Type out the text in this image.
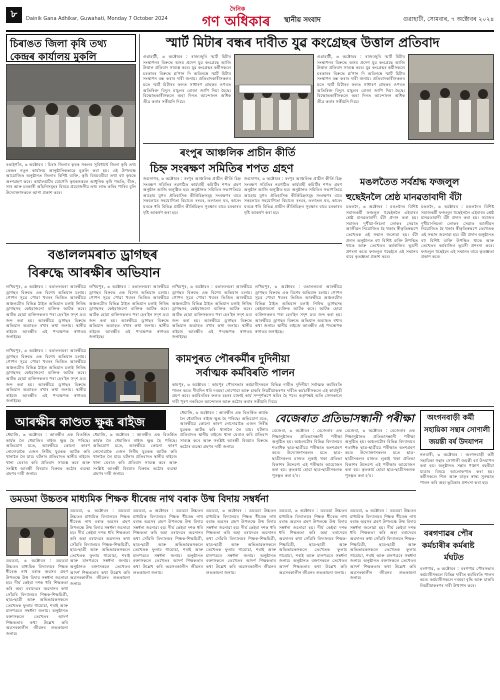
৮	Dainik Gana Adhikar, Guwahati, Monday 7 October 2024
দৈনিক
গণ অধিকাৰ স্থানীয় সংবাদ	গুৱাহাটী, সোমবাৰ, ৭ অক্টোবৰ ২০২৪
চিৰাঙত জিলা কৃষি তথ্য
কেন্দ্ৰৰ কাৰ্যালয় মুকলি
বঙাইগাঁও, ৬ অক্টোবৰ : চিৰাং জিলাৰ কৃষক সকলৰ সুবিধাৰ্থে জিলা কৃষি তথ্য কেন্দ্ৰৰ নতুন কাৰ্যালয় আনুষ্ঠানিকভাৱে মুকলি কৰা হয়। এই উপলক্ষে আয়োজিত অনুষ্ঠানত জিলাৰ বিশিষ্ট ব্যক্তি, কৃষি বিষয়ববীয়া তথা বহু কৃষকে অংশগ্ৰহণ কৰে। কাৰ্যালয়টিৰ যোগেদি কৃষকসকলে আধুনিক কৃষি পদ্ধতি, বীজ, সাৰ আৰু চৰকাৰী আঁচনিসমূহৰ বিষয়ে প্ৰয়োজনীয় তথ্য লাভ কৰিব পাৰিব বুলি উদ্যোক্তাসকলে আশা প্ৰকাশ কৰে।
স্মাৰ্ট মিটাৰ বন্ধৰ দাবীত যুৱ কংগ্ৰেছৰ উত্তাল প্ৰতিবাদ
গুৱাহাটী, ৬ অক্টোবৰ : ৰাজ্যজুৰি স্মাৰ্ট মিটাৰ সংস্থাপনৰ বিৰুদ্ধে অসম প্ৰদেশ যুৱ কংগ্ৰেছে আজি উত্তাল প্ৰতিবাদ সাব্যস্ত কৰে। যুৱ কংগ্ৰেছৰ কৰ্মীসকলে চৰকাৰৰ বিৰুদ্ধে শ্ল'গান দি অবিলম্বে স্মাৰ্ট মিটাৰ সংস্থাপন বন্ধ কৰাৰ দাবী জনায়। প্ৰতিবাদকাৰীসকলৰ মতে স্মাৰ্ট মিটাৰৰ ফলত সাধাৰণ গ্ৰাহকৰ ওপৰত অতিৰিক্ত বিদ্যুৎ মাচুলৰ বোজা জাপি দিয়া হৈছে। বিক্ষোভকাৰীসকলে অহা দিনত আন্দোলন অধিক তীব্ৰ কৰাৰ সকীয়নি দিয়ে।
গুৱাহাটী, ৬ অক্টোবৰ : ৰাজ্যজুৰি স্মাৰ্ট মিটাৰ সংস্থাপনৰ বিৰুদ্ধে অসম প্ৰদেশ যুৱ কংগ্ৰেছে আজি উত্তাল প্ৰতিবাদ সাব্যস্ত কৰে। যুৱ কংগ্ৰেছৰ কৰ্মীসকলে চৰকাৰৰ বিৰুদ্ধে শ্ল'গান দি অবিলম্বে স্মাৰ্ট মিটাৰ সংস্থাপন বন্ধ কৰাৰ দাবী জনায়। প্ৰতিবাদকাৰীসকলৰ মতে স্মাৰ্ট মিটাৰৰ ফলত সাধাৰণ গ্ৰাহকৰ ওপৰত অতিৰিক্ত বিদ্যুৎ মাচুলৰ বোজা জাপি দিয়া হৈছে। বিক্ষোভকাৰীসকলে অহা দিনত আন্দোলন অধিক তীব্ৰ কৰাৰ সকীয়নি দিয়ে।
ৰংপুৰ আঞ্চলিক প্ৰাচীন কীৰ্তি
চিহ্ন সংৰক্ষণ সমিতিৰ শপত গ্ৰহণ
জয়সাগৰ, ৬ অক্টোবৰ : ৰংপুৰ আঞ্চলিক প্ৰাচীন কীৰ্তি চিহ্ন সংৰক্ষণ সমিতিৰ নৱগঠিত কাৰ্যবাহী কমিটিৰ শপত গ্ৰহণ অনুষ্ঠান আজি অনুষ্ঠিত হয়। অনুষ্ঠানত সমিতিৰ সভাপতিয়ে আহোম যুগৰ ঐতিহাসিক কীৰ্তিচিহ্নসমূহ সংৰক্ষণৰ বাবে সকলোৰে সহযোগিতা বিচাৰে। ৰংঘৰ, তলাতল ঘৰ, কাৰেং ঘৰকে ধৰি বিভিন্ন প্ৰাচীন কীৰ্তিচিহ্নৰ সুৰক্ষাৰ বাবে চৰকাৰৰ দৃষ্টি আকৰ্ষণ কৰা হয়।
জয়সাগৰ, ৬ অক্টোবৰ : ৰংপুৰ আঞ্চলিক প্ৰাচীন কীৰ্তি চিহ্ন সংৰক্ষণ সমিতিৰ নৱগঠিত কাৰ্যবাহী কমিটিৰ শপত গ্ৰহণ অনুষ্ঠান আজি অনুষ্ঠিত হয়। অনুষ্ঠানত সমিতিৰ সভাপতিয়ে আহোম যুগৰ ঐতিহাসিক কীৰ্তিচিহ্নসমূহ সংৰক্ষণৰ বাবে সকলোৰে সহযোগিতা বিচাৰে। ৰংঘৰ, তলাতল ঘৰ, কাৰেং ঘৰকে ধৰি বিভিন্ন প্ৰাচীন কীৰ্তিচিহ্নৰ সুৰক্ষাৰ বাবে চৰকাৰৰ দৃষ্টি আকৰ্ষণ কৰা হয়।
মঙলতৈত সৰ্বশ্ৰদ্ধ ফজলুল
হুছেইনলৈ শ্ৰেষ্ঠ মানৱতাবাদী বঁটা
মঙলদৈ, ৬ অক্টোবৰ : মঙলদৈৰ বিশিষ্ট সমাজকৰ্মী ফজলুল হুছেইনলৈ এইবাৰৰ শ্ৰেষ্ঠ মানৱতাবাদী বঁটা প্ৰদান কৰা হয়। সমাজৰ দুখীয়া-নিচলা লোকৰ সেৱাত আজীৱন নিয়োজিত হৈ থকাৰ স্বীকৃতিস্বৰূপে তেখেতক এই সন্মান জনোৱা হয়। বঁটা প্ৰদান অনুষ্ঠানত বহু বিশিষ্ট ব্যক্তি উপস্থিত থাকে আৰু তেখেতৰ কৰ্মৰাজিৰ ভূয়সী প্ৰশংসা কৰে। ফজলুল হুছেইনে এই সন্মানৰ বাবে কৃতজ্ঞতা প্ৰকাশ কৰে।
মঙলদৈ, ৬ অক্টোবৰ : মঙলদৈৰ বিশিষ্ট সমাজকৰ্মী ফজলুল হুছেইনলৈ এইবাৰৰ শ্ৰেষ্ঠ মানৱতাবাদী বঁটা প্ৰদান কৰা হয়। সমাজৰ দুখীয়া-নিচলা লোকৰ সেৱাত আজীৱন নিয়োজিত হৈ থকাৰ স্বীকৃতিস্বৰূপে তেখেতক এই সন্মান জনোৱা হয়। বঁটা প্ৰদান অনুষ্ঠানত বহু বিশিষ্ট ব্যক্তি উপস্থিত থাকে আৰু তেখেতৰ কৰ্মৰাজিৰ ভূয়সী প্ৰশংসা কৰে। ফজলুল হুছেইনে এই সন্মানৰ বাবে কৃতজ্ঞতা প্ৰকাশ কৰে।
বঙাললমৰাত ড্ৰাগছৰ
বিৰুদ্ধে আৰক্ষীৰ অভিযান
লখিমপুৰ, ৬ অক্টোবৰ : বঙাললমৰা আৰক্ষীয়ে ড্ৰাগছৰ বিৰুদ্ধে এক বিশেষ অভিযান চলায়। গোপন সূত্ৰে পোৱা খবৰৰ ভিত্তিত আৰক্ষীয়ে অঞ্চলটোৰ বিভিন্ন ঠাইত অভিযান চলাই নিষিদ্ধ ড্ৰাগছসহ কেইবাজনো ব্যক্তিক আটক কৰে। আটক হোৱা ব্যক্তিসকলৰ পৰা হেৰ'ইন সদৃশ দ্ৰব্য জব্দ কৰা হয়। আৰক্ষীয়ে ড্ৰাগছৰ বিৰুদ্ধে অভিযান অব্যাহত ৰখাৰ কথা জনায়। স্থানীয় ৰাইজে আৰক্ষীৰ এই পদক্ষেপক স্বাগতম জনাইছে।
লখিমপুৰ, ৬ অক্টোবৰ : বঙাললমৰা আৰক্ষীয়ে ড্ৰাগছৰ বিৰুদ্ধে এক বিশেষ অভিযান চলায়। গোপন সূত্ৰে পোৱা খবৰৰ ভিত্তিত আৰক্ষীয়ে অঞ্চলটোৰ বিভিন্ন ঠাইত অভিযান চলাই নিষিদ্ধ ড্ৰাগছসহ কেইবাজনো ব্যক্তিক আটক কৰে। আটক হোৱা ব্যক্তিসকলৰ পৰা হেৰ'ইন সদৃশ দ্ৰব্য জব্দ কৰা হয়। আৰক্ষীয়ে ড্ৰাগছৰ বিৰুদ্ধে অভিযান অব্যাহত ৰখাৰ কথা জনায়। স্থানীয় ৰাইজে আৰক্ষীৰ এই পদক্ষেপক স্বাগতম জনাইছে।
লখিমপুৰ, ৬ অক্টোবৰ : বঙাললমৰা আৰক্ষীয়ে ড্ৰাগছৰ বিৰুদ্ধে এক বিশেষ অভিযান চলায়। গোপন সূত্ৰে পোৱা খবৰৰ ভিত্তিত আৰক্ষীয়ে অঞ্চলটোৰ বিভিন্ন ঠাইত অভিযান চলাই নিষিদ্ধ ড্ৰাগছসহ কেইবাজনো ব্যক্তিক আটক কৰে। আটক হোৱা ব্যক্তিসকলৰ পৰা হেৰ'ইন সদৃশ দ্ৰব্য জব্দ কৰা হয়। আৰক্ষীয়ে ড্ৰাগছৰ বিৰুদ্ধে অভিযান অব্যাহত ৰখাৰ কথা জনায়। স্থানীয় ৰাইজে আৰক্ষীৰ এই পদক্ষেপক স্বাগতম জনাইছে।
লখিমপুৰ, ৬ অক্টোবৰ : বঙাললমৰা আৰক্ষীয়ে ড্ৰাগছৰ বিৰুদ্ধে এক বিশেষ অভিযান চলায়। গোপন সূত্ৰে পোৱা খবৰৰ ভিত্তিত আৰক্ষীয়ে অঞ্চলটোৰ বিভিন্ন ঠাইত অভিযান চলাই নিষিদ্ধ ড্ৰাগছসহ কেইবাজনো ব্যক্তিক আটক কৰে। আটক হোৱা ব্যক্তিসকলৰ পৰা হেৰ'ইন সদৃশ দ্ৰব্য জব্দ কৰা হয়। আৰক্ষীয়ে ড্ৰাগছৰ বিৰুদ্ধে অভিযান অব্যাহত ৰখাৰ কথা জনায়। স্থানীয় ৰাইজে আৰক্ষীৰ এই পদক্ষেপক স্বাগতম জনাইছে।
লখিমপুৰ, ৬ অক্টোবৰ : বঙাললমৰা আৰক্ষীয়ে ড্ৰাগছৰ বিৰুদ্ধে এক বিশেষ অভিযান চলায়। গোপন সূত্ৰে পোৱা খবৰৰ ভিত্তিত আৰক্ষীয়ে অঞ্চলটোৰ বিভিন্ন ঠাইত অভিযান চলাই নিষিদ্ধ ড্ৰাগছসহ কেইবাজনো ব্যক্তিক আটক কৰে। আটক হোৱা ব্যক্তিসকলৰ পৰা হেৰ'ইন সদৃশ দ্ৰব্য জব্দ কৰা হয়। আৰক্ষীয়ে ড্ৰাগছৰ বিৰুদ্ধে অভিযান অব্যাহত ৰখাৰ কথা জনায়। স্থানীয় ৰাইজে আৰক্ষীৰ এই পদক্ষেপক স্বাগতম জনাইছে।
কামপুৰত পৌৰকৰ্মীৰ দুদিনীয়া
সৰ্বাত্মক কৰ্মবিৰতি পালন
কামপুৰ, ৬ অক্টোবৰ : কামপুৰ পৌৰসভাৰ কৰ্মচাৰীসকলে বিভিন্ন দাবীত দুদিনীয়া সৰ্বাত্মক কৰ্মবিৰতি পালন কৰে। দীৰ্ঘদিন ধৰি দৰমহা নোপোৱা আৰু চাকৰি নিয়মীয়াকৰণৰ দাবীত কৰ্মচাৰীসকলে এই কাৰ্যসূচী গ্ৰহণ কৰে। কৰ্মবিৰতিৰ ফলত চহৰৰ চাফাই কাৰ্য সম্পূৰ্ণৰূপে স্থবিৰ হৈ পৰে। কৰ্তৃপক্ষই অতি সোনকালে দাবী পূৰণ নকৰিলে আন্দোলন আৰু কঠোৰ কৰাৰ সকীয়নি দিয়ে।
আৰক্ষীৰ কাণ্ডত ক্ষুব্ধ ৰাইজ
ধেমাজি, ৬ অক্টোবৰ : আৰক্ষীৰ এক বিতৰ্কিত কাৰ্যক লৈ ধেমাজিৰ ৰাইজ ক্ষুব্ধ হৈ পৰিছে। অভিযোগ মতে, আৰক্ষীয়ে কোনো কাৰণ নোদোৱাকৈ এজন নিৰীহ যুৱকক আটক কৰি থানালৈ লৈ যায়। ঘটনাৰ প্ৰতিবাদত স্থানীয় ৰাইজে থানা ঘেৰাও কৰি প্ৰতিবাদ সাব্যস্ত কৰে আৰু সংশ্লিষ্ট আৰক্ষী বিষয়াৰ বিৰুদ্ধে কঠোৰ ব্যৱস্থা গ্ৰহণৰ দাবী জনায়।
ধেমাজি, ৬ অক্টোবৰ : আৰক্ষীৰ এক বিতৰ্কিত কাৰ্যক লৈ ধেমাজিৰ ৰাইজ ক্ষুব্ধ হৈ পৰিছে। অভিযোগ মতে, আৰক্ষীয়ে কোনো কাৰণ নোদোৱাকৈ এজন নিৰীহ যুৱকক আটক কৰি থানালৈ লৈ যায়। ঘটনাৰ প্ৰতিবাদত স্থানীয় ৰাইজে থানা ঘেৰাও কৰি প্ৰতিবাদ সাব্যস্ত কৰে আৰু সংশ্লিষ্ট আৰক্ষী বিষয়াৰ বিৰুদ্ধে কঠোৰ ব্যৱস্থা গ্ৰহণৰ দাবী জনায়।
ধেমাজি, ৬ অক্টোবৰ : আৰক্ষীৰ এক বিতৰ্কিত কাৰ্যক লৈ ধেমাজিৰ ৰাইজ ক্ষুব্ধ হৈ পৰিছে। অভিযোগ মতে, আৰক্ষীয়ে কোনো কাৰণ নোদোৱাকৈ এজন নিৰীহ যুৱকক আটক কৰি থানালৈ লৈ যায়। ঘটনাৰ প্ৰতিবাদত স্থানীয় ৰাইজে থানা ঘেৰাও কৰি প্ৰতিবাদ সাব্যস্ত কৰে আৰু সংশ্লিষ্ট আৰক্ষী বিষয়াৰ বিৰুদ্ধে কঠোৰ ব্যৱস্থা গ্ৰহণৰ দাবী জনায়।
বেজেৰাত প্ৰতিভাসন্ধানী পৰীক্ষা
বেজেৰা, ৬ অক্টোবৰ : বেজেৰাৰ এক শিক্ষানুষ্ঠানত প্ৰতিভাসন্ধানী পৰীক্ষা অনুষ্ঠিত হয়। অঞ্চলটোৰ বিভিন্ন বিদ্যালয়ৰ শতাধিক ছাত্ৰ-ছাত্ৰীয়ে পৰীক্ষাত অংশগ্ৰহণ কৰে। উদ্যোক্তাসকলৰ মতে ছাত্ৰ-ছাত্ৰীসকলৰ মাজত লুকাই থকা প্ৰতিভা বিকাশৰ উদ্দেশ্যে এই পৰীক্ষাৰ আয়োজন কৰা হয়। কৃতকাৰ্য হোৱা ছাত্ৰ-ছাত্ৰীসকলক পুৰস্কৃত কৰা হ'ব।
বেজেৰা, ৬ অক্টোবৰ : বেজেৰাৰ এক শিক্ষানুষ্ঠানত প্ৰতিভাসন্ধানী পৰীক্ষা অনুষ্ঠিত হয়। অঞ্চলটোৰ বিভিন্ন বিদ্যালয়ৰ শতাধিক ছাত্ৰ-ছাত্ৰীয়ে পৰীক্ষাত অংশগ্ৰহণ কৰে। উদ্যোক্তাসকলৰ মতে ছাত্ৰ-ছাত্ৰীসকলৰ মাজত লুকাই থকা প্ৰতিভা বিকাশৰ উদ্দেশ্যে এই পৰীক্ষাৰ আয়োজন কৰা হয়। কৃতকাৰ্য হোৱা ছাত্ৰ-ছাত্ৰীসকলক পুৰস্কৃত কৰা হ'ব।
অংগনবাড়ী কৰ্মী
সহায়িকা সন্থাৰ সোণালী
জয়ন্তী বৰ্ষ উদযাপন
নলবাৰী, ৬ অক্টোবৰ : অংগনবাড়ী কৰ্মী সহায়িকা সন্থাৰ সোণালী জয়ন্তী বৰ্ষ উদযাপন কৰা হয়। অনুষ্ঠানত সন্থাৰ পঞ্চাশ বছৰীয়া যাত্ৰাৰ বিষয়ে আলোকপাত কৰা হয়। কৰ্মীসকলে শিশু আৰু মাতৃৰ স্বাস্থ্য সুৰক্ষাত পালন কৰি অহা ভূমিকাৰ প্ৰশংসা কৰা হয়।
ডমডমা উচ্চতৰ মাধ্যমিক শিক্ষক ধীৰেন্দ্ৰ নাথ বৰাক উষ্ম বিদায় সম্বৰ্ধনা
ডমডমা, ৬ অক্টোবৰ : ডমডমা উচ্চতৰ মাধ্যমিক বিদ্যালয়ৰ শিক্ষক ধীৰেন্দ্ৰ নাথ বৰাক অৱসৰ গ্ৰহণ উপলক্ষে উষ্ম বিদায় সম্বৰ্ধনা জনোৱা হয়। দীৰ্ঘ কেইবা দশক ধৰি শিক্ষকতা কৰি অহা বৰাদেৱৰ অৱদানৰ কথা সোঁৱৰি বিদ্যালয়ৰ শিক্ষক-শিক্ষয়িত্ৰী, ছাত্ৰ-ছাত্ৰী আৰু অভিভাৱকসকলে তেখেতক ফুলাম গামোচা, শৰাই আৰু মানপত্ৰৰে সম্বৰ্ধনা জনায়। অনুষ্ঠানত বক্তাসকলে তেখেতৰ আদৰ্শ শিক্ষকতাৰ কথা উল্লেখ কৰি অৱসৰকালীন জীৱনৰ শুভকামনা জনায়।
ডমডমা, ৬ অক্টোবৰ : ডমডমা উচ্চতৰ মাধ্যমিক বিদ্যালয়ৰ শিক্ষক ধীৰেন্দ্ৰ নাথ বৰাক অৱসৰ গ্ৰহণ উপলক্ষে উষ্ম বিদায় সম্বৰ্ধনা জনোৱা হয়। দীৰ্ঘ কেইবা দশক ধৰি শিক্ষকতা কৰি অহা বৰাদেৱৰ অৱদানৰ কথা সোঁৱৰি বিদ্যালয়ৰ শিক্ষক-শিক্ষয়িত্ৰী, ছাত্ৰ-ছাত্ৰী আৰু অভিভাৱকসকলে তেখেতক ফুলাম গামোচা, শৰাই আৰু মানপত্ৰৰে সম্বৰ্ধনা জনায়। অনুষ্ঠানত বক্তাসকলে তেখেতৰ আদৰ্শ শিক্ষকতাৰ কথা উল্লেখ কৰি অৱসৰকালীন জীৱনৰ শুভকামনা জনায়।
ডমডমা, ৬ অক্টোবৰ : ডমডমা উচ্চতৰ মাধ্যমিক বিদ্যালয়ৰ শিক্ষক ধীৰেন্দ্ৰ নাথ বৰাক অৱসৰ গ্ৰহণ উপলক্ষে উষ্ম বিদায় সম্বৰ্ধনা জনোৱা হয়। দীৰ্ঘ কেইবা দশক ধৰি শিক্ষকতা কৰি অহা বৰাদেৱৰ অৱদানৰ কথা সোঁৱৰি বিদ্যালয়ৰ শিক্ষক-শিক্ষয়িত্ৰী, ছাত্ৰ-ছাত্ৰী আৰু অভিভাৱকসকলে তেখেতক ফুলাম গামোচা, শৰাই আৰু মানপত্ৰৰে সম্বৰ্ধনা জনায়। অনুষ্ঠানত বক্তাসকলে তেখেতৰ আদৰ্শ শিক্ষকতাৰ কথা উল্লেখ কৰি অৱসৰকালীন জীৱনৰ শুভকামনা জনায়।
ডমডমা, ৬ অক্টোবৰ : ডমডমা উচ্চতৰ মাধ্যমিক বিদ্যালয়ৰ শিক্ষক ধীৰেন্দ্ৰ নাথ বৰাক অৱসৰ গ্ৰহণ উপলক্ষে উষ্ম বিদায় সম্বৰ্ধনা জনোৱা হয়। দীৰ্ঘ কেইবা দশক ধৰি শিক্ষকতা কৰি অহা বৰাদেৱৰ অৱদানৰ কথা সোঁৱৰি বিদ্যালয়ৰ শিক্ষক-শিক্ষয়িত্ৰী, ছাত্ৰ-ছাত্ৰী আৰু অভিভাৱকসকলে তেখেতক ফুলাম গামোচা, শৰাই আৰু মানপত্ৰৰে সম্বৰ্ধনা জনায়। অনুষ্ঠানত বক্তাসকলে তেখেতৰ আদৰ্শ শিক্ষকতাৰ কথা উল্লেখ কৰি অৱসৰকালীন জীৱনৰ শুভকামনা জনায়।
ডমডমা, ৬ অক্টোবৰ : ডমডমা উচ্চতৰ মাধ্যমিক বিদ্যালয়ৰ শিক্ষক ধীৰেন্দ্ৰ নাথ বৰাক অৱসৰ গ্ৰহণ উপলক্ষে উষ্ম বিদায় সম্বৰ্ধনা জনোৱা হয়। দীৰ্ঘ কেইবা দশক ধৰি শিক্ষকতা কৰি অহা বৰাদেৱৰ অৱদানৰ কথা সোঁৱৰি বিদ্যালয়ৰ শিক্ষক-শিক্ষয়িত্ৰী, ছাত্ৰ-ছাত্ৰী আৰু অভিভাৱকসকলে তেখেতক ফুলাম গামোচা, শৰাই আৰু মানপত্ৰৰে সম্বৰ্ধনা জনায়। অনুষ্ঠানত বক্তাসকলে তেখেতৰ আদৰ্শ শিক্ষকতাৰ কথা উল্লেখ কৰি অৱসৰকালীন জীৱনৰ শুভকামনা জনায়।
ডমডমা, ৬ অক্টোবৰ : ডমডমা উচ্চতৰ মাধ্যমিক বিদ্যালয়ৰ শিক্ষক ধীৰেন্দ্ৰ নাথ বৰাক অৱসৰ গ্ৰহণ উপলক্ষে উষ্ম বিদায় সম্বৰ্ধনা জনোৱা হয়। দীৰ্ঘ কেইবা দশক ধৰি শিক্ষকতা কৰি অহা বৰাদেৱৰ অৱদানৰ কথা সোঁৱৰি বিদ্যালয়ৰ শিক্ষক-শিক্ষয়িত্ৰী, ছাত্ৰ-ছাত্ৰী আৰু অভিভাৱকসকলে তেখেতক ফুলাম গামোচা, শৰাই আৰু মানপত্ৰৰে সম্বৰ্ধনা জনায়। অনুষ্ঠানত বক্তাসকলে তেখেতৰ আদৰ্শ শিক্ষকতাৰ কথা উল্লেখ কৰি অৱসৰকালীন জীৱনৰ শুভকামনা জনায়।
বৰগণাৱৰ পৌৰ
কৰ্মচাৰীৰ কৰ্মৰাষ্ট
ৰ্মঘটত
বৰগণাৱ, ৬ অক্টোবৰ : বৰগণাৱ পৌৰসভাৰ কৰ্মচাৰীসকলে বিভিন্ন দাবীত কৰ্মবিৰতি পালন কৰে। কৰ্মচাৰীসকলে দৰমহা বৃদ্ধি আৰু চাকৰি নিয়মীয়াকৰণৰ দাবী উত্থাপন কৰে।
